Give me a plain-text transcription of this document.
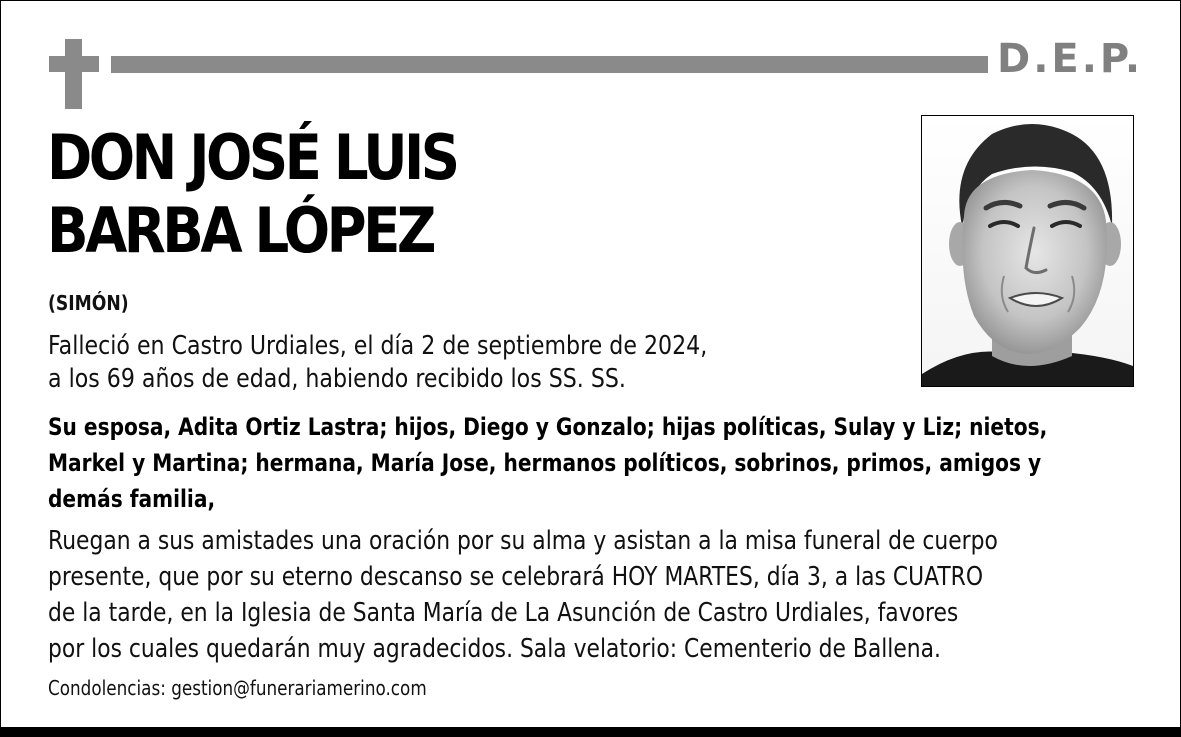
D.E.P.
DON JOSÉ LUIS
BARBA LÓPEZ
(SIMÓN)
Falleció en Castro Urdiales, el día 2 de septiembre de 2024,
a los 69 años de edad, habiendo recibido los SS. SS.
Su esposa, Adita Ortiz Lastra; hijos, Diego y Gonzalo; hijas políticas, Sulay y Liz; nietos,
Markel y Martina; hermana, María Jose, hermanos políticos, sobrinos, primos, amigos y
demás familia,
Ruegan a sus amistades una oración por su alma y asistan a la misa funeral de cuerpo
presente, que por su eterno descanso se celebrará HOY MARTES, día 3, a las CUATRO
de la tarde, en la Iglesia de Santa María de La Asunción de Castro Urdiales, favores
por los cuales quedarán muy agradecidos. Sala velatorio: Cementerio de Ballena.
Condolencias: gestion@funerariamerino.com
